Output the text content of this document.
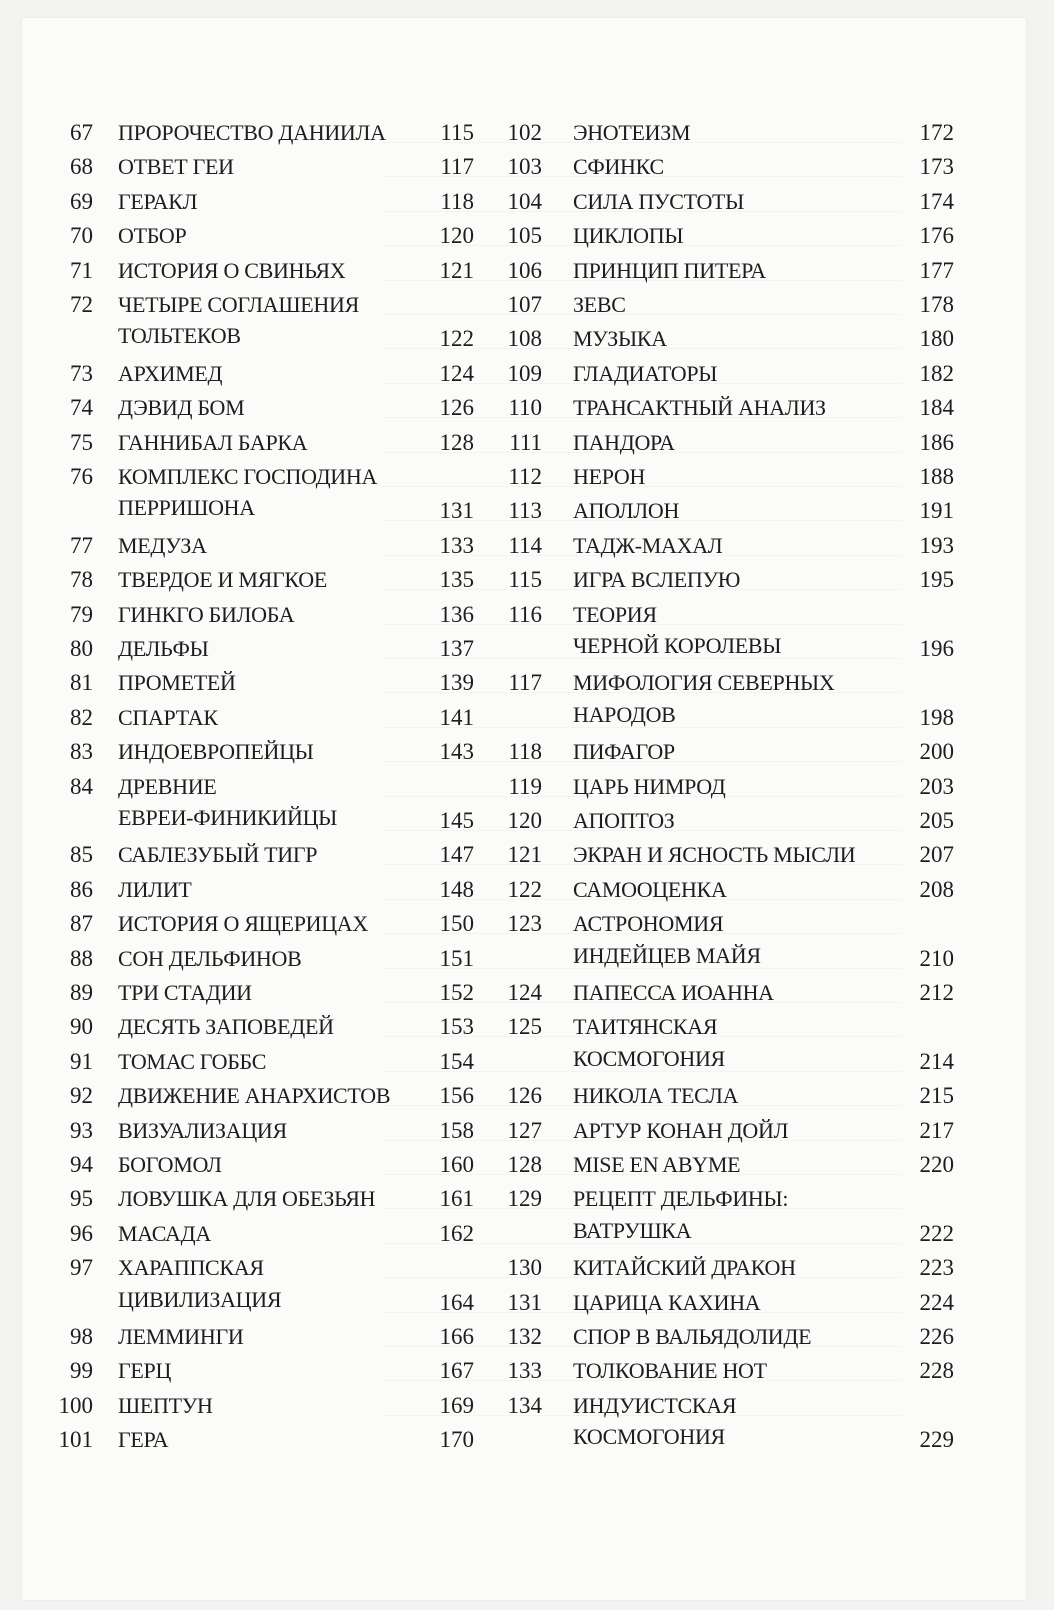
67 ПРОРОЧЕСТВО ДАНИИЛА	115
68 ОТВЕТ ГЕИ	117
69 ГЕРАКЛ	118
70 ОТБОР	120
71 ИСТОРИЯ О СВИНЬЯХ	121
72 ЧЕТЫРЕ СОГЛАШЕНИЯ
ТОЛЬТЕКОВ	122
73 АРХИМЕД	124
74 ДЭВИД БОМ	126
75 ГАННИБАЛ БАРКА	128
76 КОМПЛЕКС ГОСПОДИНА
ПЕРРИШОНА	131
77 МЕДУЗА	133
78 ТВЕРДОЕ И МЯГКОЕ	135
79 ГИНКГО БИЛОБА	136
80 ДЕЛЬФЫ	137
81 ПРОМЕТЕЙ	139
82 СПАРТАК	141
83 ИНДОЕВРОПЕЙЦЫ	143
84 ДРЕВНИЕ
ЕВРЕИ-ФИНИКИЙЦЫ	145
85 САБЛЕЗУБЫЙ ТИГР	147
86 ЛИЛИТ	148
87 ИСТОРИЯ О ЯЩЕРИЦАХ	150
88 СОН ДЕЛЬФИНОВ	151
89 ТРИ СТАДИИ	152
90 ДЕСЯТЬ ЗАПОВЕДЕЙ	153
91 ТОМАС ГОББС	154
92 ДВИЖЕНИЕ АНАРХИСТОВ	156
93 ВИЗУАЛИЗАЦИЯ	158
94 БОГОМОЛ	160
95 ЛОВУШКА ДЛЯ ОБЕЗЬЯН	161
96 МАСАДА	162
97 ХАРАППСКАЯ
ЦИВИЛИЗАЦИЯ	164
98 ЛЕММИНГИ	166
99 ГЕРЦ	167
100 ШЕПТУН	169
101 ГЕРА	170
102 ЭНОТЕИЗМ	172
103 СФИНКС	173
104 СИЛА ПУСТОТЫ	174
105 ЦИКЛОПЫ	176
106 ПРИНЦИП ПИТЕРА	177
107 ЗЕВС	178
108 МУЗЫКА	180
109 ГЛАДИАТОРЫ	182
110 ТРАНСАКТНЫЙ АНАЛИЗ	184
111 ПАНДОРА	186
112 НЕРОН	188
113 АПОЛЛОН	191
114 ТАДЖ-МАХАЛ	193
115 ИГРА ВСЛЕПУЮ	195
116 ТЕОРИЯ
ЧЕРНОЙ КОРОЛЕВЫ	196
117 МИФОЛОГИЯ СЕВЕРНЫХ
НАРОДОВ	198
118 ПИФАГОР	200
119 ЦАРЬ НИМРОД	203
120 АПОПТОЗ	205
121 ЭКРАН И ЯСНОСТЬ МЫСЛИ	207
122 САМООЦЕНКА	208
123 АСТРОНОМИЯ
ИНДЕЙЦЕВ МАЙЯ	210
124 ПАПЕССА ИОАННА	212
125 ТАИТЯНСКАЯ
КОСМОГОНИЯ	214
126 НИКОЛА ТЕСЛА	215
127 АРТУР КОНАН ДОЙЛ	217
128 MISE EN ABYME	220
129 РЕЦЕПТ ДЕЛЬФИНЫ:
ВАТРУШКА	222
130 КИТАЙСКИЙ ДРАКОН	223
131 ЦАРИЦА КАХИНА	224
132 СПОР В ВАЛЬЯДОЛИДЕ	226
133 ТОЛКОВАНИЕ НОТ	228
134 ИНДУИСТСКАЯ
КОСМОГОНИЯ	229
